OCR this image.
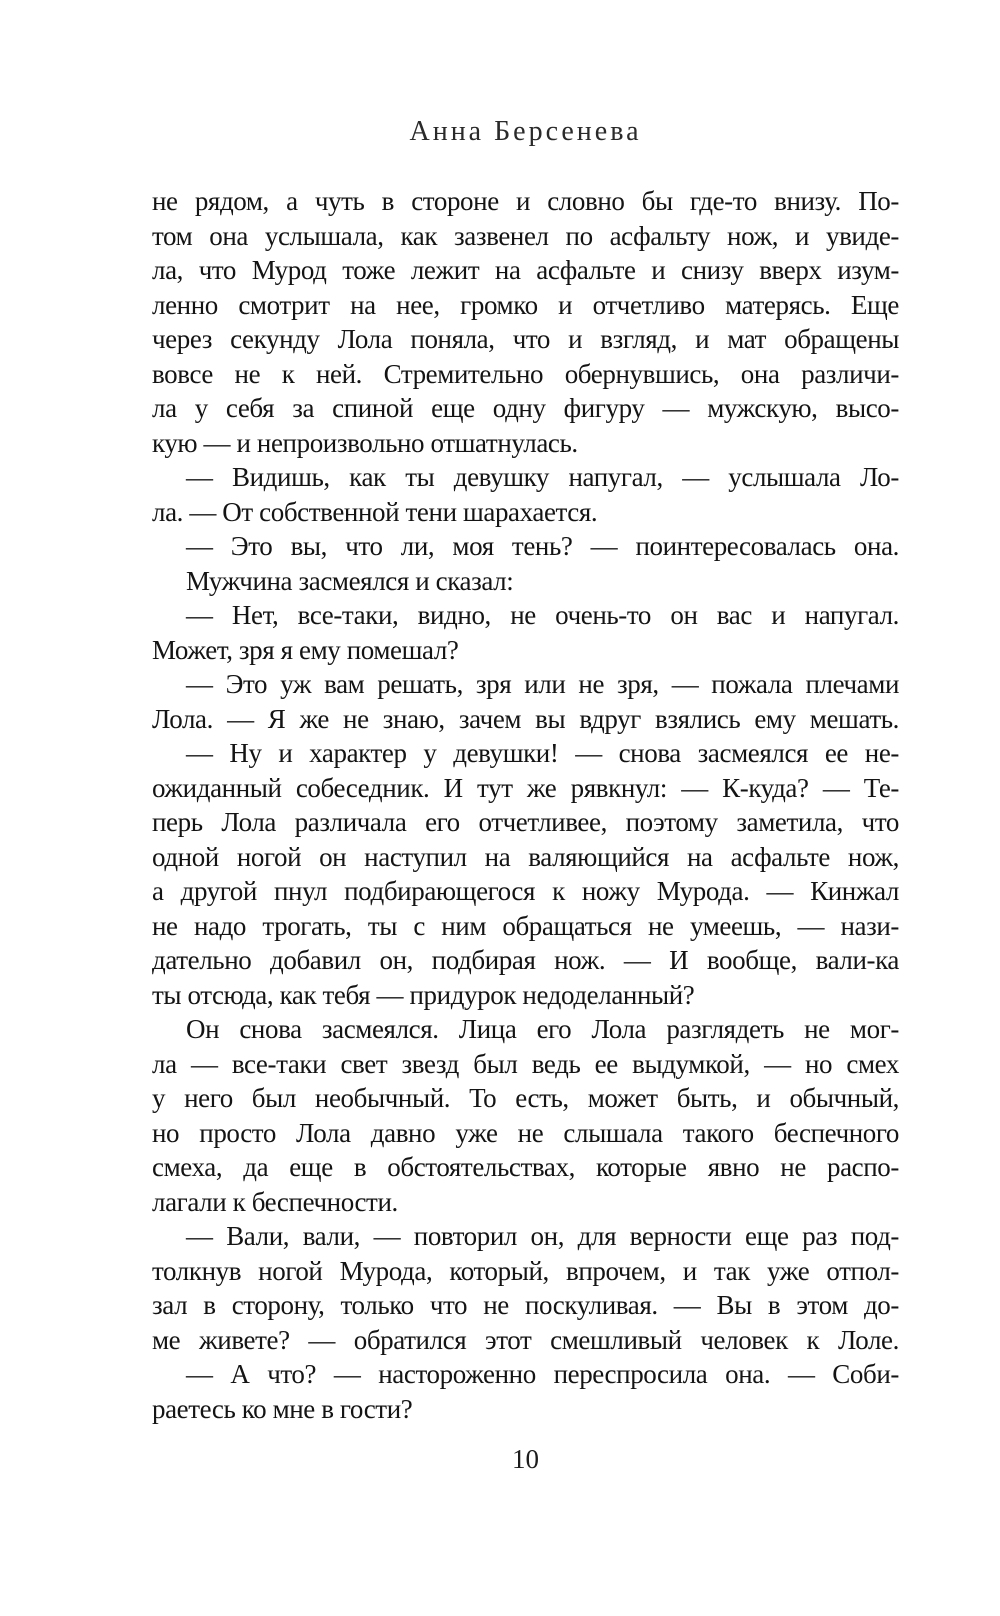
Анна Берсенева
не рядом, а чуть в стороне и словно бы где-то внизу. По-
том она услышала, как зазвенел по асфальту нож, и увиде-
ла, что Мурод тоже лежит на асфальте и снизу вверх изум-
ленно смотрит на нее, громко и отчетливо матерясь. Еще
через секунду Лола поняла, что и взгляд, и мат обращены
вовсе не к ней. Стремительно обернувшись, она различи-
ла у себя за спиной еще одну фигуру — мужскую, высо-
кую — и непроизвольно отшатнулась.
— Видишь, как ты девушку напугал, — услышала Ло-
ла. — От собственной тени шарахается.
— Это вы, что ли, моя тень? — поинтересовалась она.
Мужчина засмеялся и сказал:
— Нет, все-таки, видно, не очень-то он вас и напугал.
Может, зря я ему помешал?
— Это уж вам решать, зря или не зря, — пожала плечами
Лола. — Я же не знаю, зачем вы вдруг взялись ему мешать.
— Ну и характер у девушки! — снова засмеялся ее не-
ожиданный собеседник. И тут же рявкнул: — К-куда? — Те-
перь Лола различала его отчетливее, поэтому заметила, что
одной ногой он наступил на валяющийся на асфальте нож,
а другой пнул подбирающегося к ножу Мурода. — Кинжал
не надо трогать, ты с ним обращаться не умеешь, — нази-
дательно добавил он, подбирая нож. — И вообще, вали-ка
ты отсюда, как тебя — придурок недоделанный?
Он снова засмеялся. Лица его Лола разглядеть не мог-
ла — все-таки свет звезд был ведь ее выдумкой, — но смех
у него был необычный. То есть, может быть, и обычный,
но просто Лола давно уже не слышала такого беспечного
смеха, да еще в обстоятельствах, которые явно не распо-
лагали к беспечности.
— Вали, вали, — повторил он, для верности еще раз под-
толкнув ногой Мурода, который, впрочем, и так уже отпол-
зал в сторону, только что не поскуливая. — Вы в этом до-
ме живете? — обратился этот смешливый человек к Лоле.
— А что? — настороженно переспросила она. — Соби-
раетесь ко мне в гости?
10
